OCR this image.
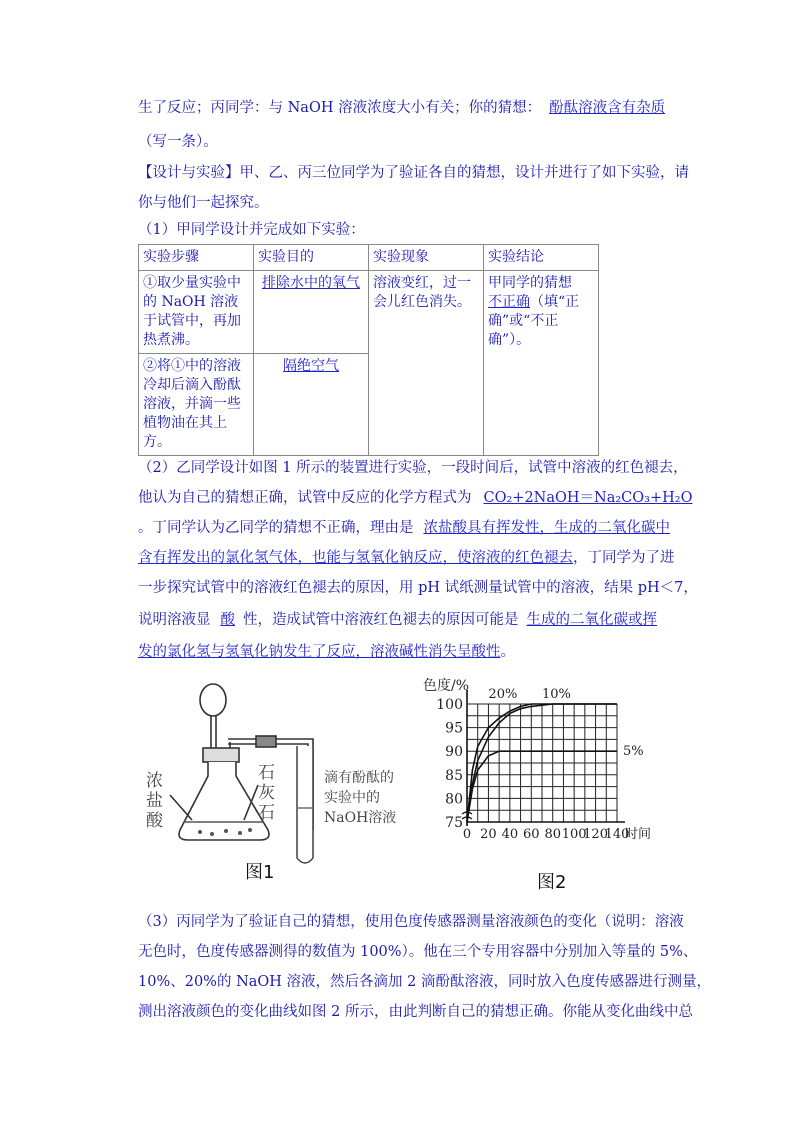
生了反应；丙同学：与 NaOH 溶液浓度大小有关；你的猜想： 酚酞溶液含有杂质
（写一条）。
【设计与实验】甲、乙、丙三位同学为了验证各自的猜想，设计并进行了如下实验，请
你与他们一起探究。
（1）甲同学设计并完成如下实验：
实验步骤	实验目的	实验现象	实验结论
①取少量实验中的 NaOH 溶液于试管中，再加热煮沸。	排除水中的氧气	溶液变红，过一会儿红色消失。	甲同学的猜想
不正确（填“正确”或“不正确”）。
②将①中的溶液冷却后滴入酚酞溶液，并滴一些植物油在其上方。	隔绝空气		
（2）乙同学设计如图 1 所示的装置进行实验，一段时间后，试管中溶液的红色褪去，
他认为自己的猜想正确，试管中反应的化学方程式为 CO₂+2NaOH＝Na₂CO₃+H₂O
。丁同学认为乙同学的猜想不正确，理由是 浓盐酸具有挥发性，生成的二氧化碳中
含有挥发出的氯化氢气体，也能与氢氧化钠反应，使溶液的红色褪去，丁同学为了进
一步探究试管中的溶液红色褪去的原因，用 pH 试纸测量试管中的溶液，结果 pH＜7，
说明溶液显 酸 性，造成试管中溶液红色褪去的原因可能是 生成的二氧化碳或挥
发的氯化氢与氢氧化钠发生了反应，溶液碱性消失呈酸性。
浓
盐
酸
石
灰
石
滴有酚酞的
实验中的
NaOH溶液
图1
75
80
85
90
95
100
0 20 40 60 80 100
120
140
色度/%
时间
20% 10%
5%
图2
（3）丙同学为了验证自己的猜想，使用色度传感器测量溶液颜色的变化（说明：溶液
无色时，色度传感器测得的数值为 100%）。他在三个专用容器中分别加入等量的 5%、
10%、20%的 NaOH 溶液，然后各滴加 2 滴酚酞溶液，同时放入色度传感器进行测量，
测出溶液颜色的变化曲线如图 2 所示，由此判断自己的猜想正确。你能从变化曲线中总
